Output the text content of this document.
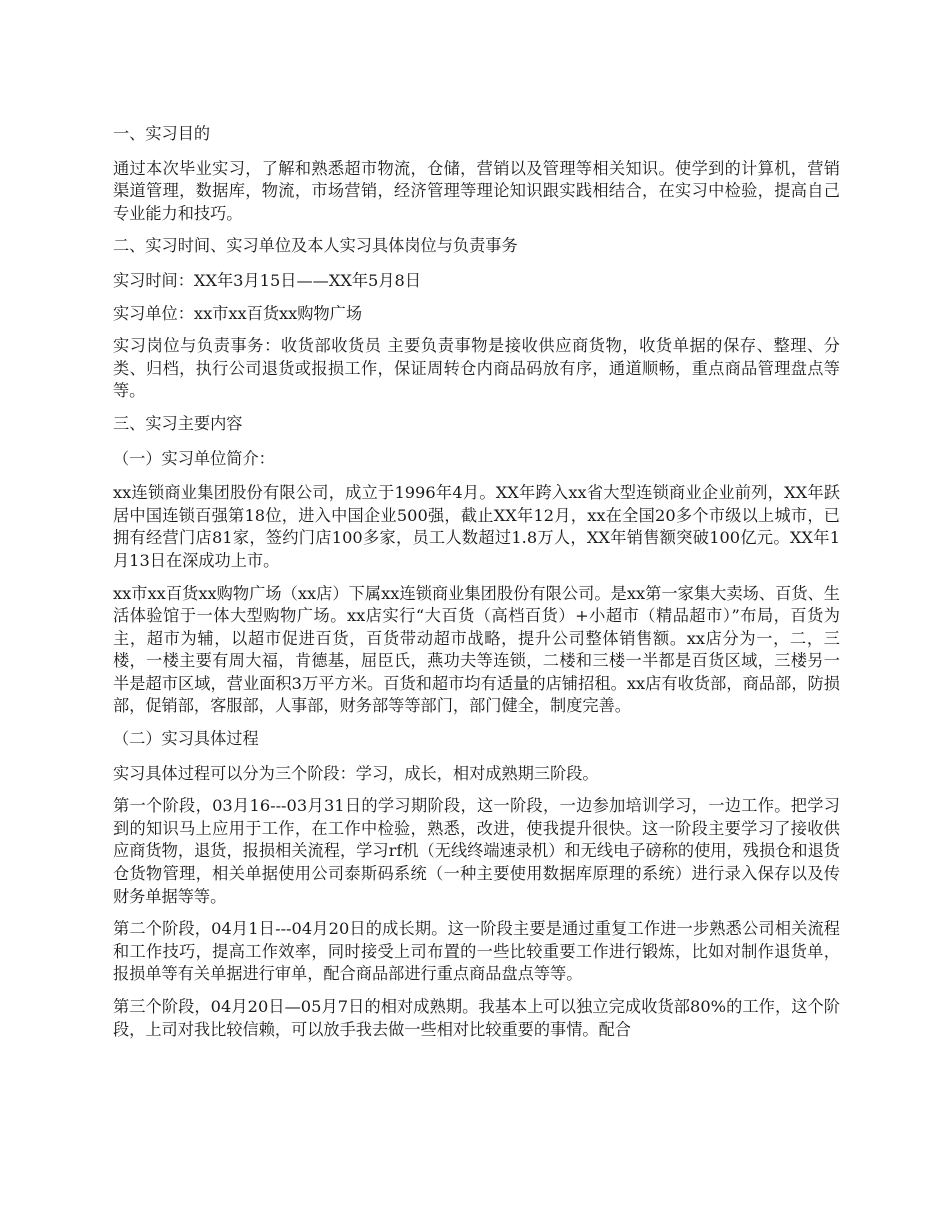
一、实习目的

通过本次毕业实习，了解和熟悉超市物流，仓储，营销以及管理等相关知识。使学到的计算机，营销渠道管理，数据库，物流，市场营销，经济管理等理论知识跟实践相结合，在实习中检验，提高自己专业能力和技巧。

二、实习时间、实习单位及本人实习具体岗位与负责事务

实习时间：XX年3月15日——XX年5月8日

实习单位：xx市xx百货xx购物广场

实习岗位与负责事务：收货部收货员 主要负责事物是接收供应商货物，收货单据的保存、整理、分类、归档，执行公司退货或报损工作，保证周转仓内商品码放有序，通道顺畅，重点商品管理盘点等等。

三、实习主要内容

（一）实习单位简介：

xx连锁商业集团股份有限公司，成立于1996年4月。XX年跨入xx省大型连锁商业企业前列，XX年跃居中国连锁百强第18位，进入中国企业500强，截止XX年12月，xx在全国20多个市级以上城市，已拥有经营门店81家，签约门店100多家，员工人数超过1.8万人，XX年销售额突破100亿元。XX年1月13日在深成功上市。

xx市xx百货xx购物广场（xx店）下属xx连锁商业集团股份有限公司。是xx第一家集大卖场、百货、生活体验馆于一体大型购物广场。xx店实行“大百货（高档百货）+小超市（精品超市）”布局，百货为主，超市为辅，以超市促进百货，百货带动超市战略，提升公司整体销售额。xx店分为一，二，三楼，一楼主要有周大福，肯德基，屈臣氏，燕功夫等连锁，二楼和三楼一半都是百货区域，三楼另一半是超市区域，营业面积3万平方米。百货和超市均有适量的店铺招租。xx店有收货部，商品部，防损部，促销部，客服部，人事部，财务部等等部门，部门健全，制度完善。

（二）实习具体过程

实习具体过程可以分为三个阶段：学习，成长，相对成熟期三阶段。

第一个阶段，03月16---03月31日的学习期阶段，这一阶段，一边参加培训学习，一边工作。把学习到的知识马上应用于工作，在工作中检验，熟悉，改进，使我提升很快。这一阶段主要学习了接收供应商货物，退货，报损相关流程，学习rf机（无线终端速录机）和无线电子磅称的使用，残损仓和退货仓货物管理，相关单据使用公司泰斯码系统（一种主要使用数据库原理的系统）进行录入保存以及传财务单据等等。

第二个阶段，04月1日---04月20日的成长期。这一阶段主要是通过重复工作进一步熟悉公司相关流程和工作技巧，提高工作效率，同时接受上司布置的一些比较重要工作进行锻炼，比如对制作退货单，报损单等有关单据进行审单，配合商品部进行重点商品盘点等等。

第三个阶段，04月20日—05月7日的相对成熟期。我基本上可以独立完成收货部80%的工作，这个阶段，上司对我比较信赖，可以放手我去做一些相对比较重要的事情。配合
